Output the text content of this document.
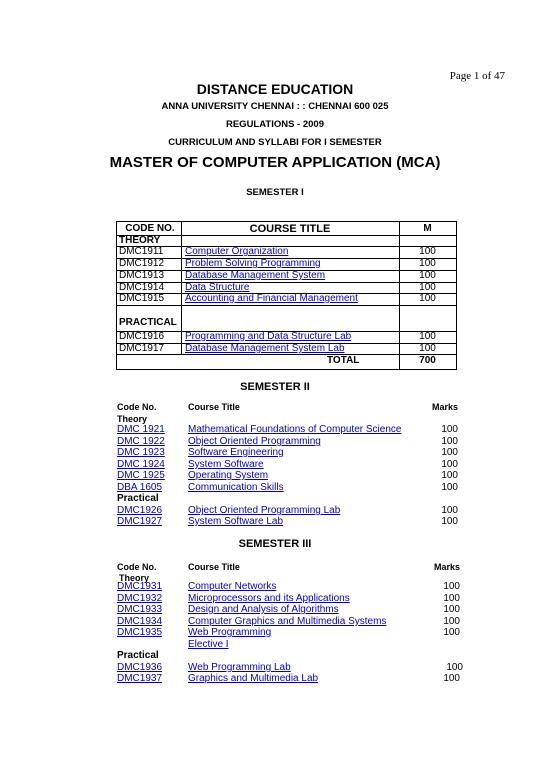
Page 1 of 47
DISTANCE EDUCATION
ANNA UNIVERSITY CHENNAI : : CHENNAI 600 025
REGULATIONS - 2009
CURRICULUM AND SYLLABI FOR I SEMESTER
MASTER OF COMPUTER APPLICATION (MCA)
SEMESTER I
CODE NO.	COURSE TITLE	M
THEORY
DMC1911 Computer Organization	100
DMC1912 Problem Solving Programming	100
DMC1913 Database Management System	100
DMC1914 Data Structure	100
DMC1915 Accounting and Financial Management	100
PRACTICAL
DMC1916 Programming and Data Structure Lab	100
DMC1917 Database Management System Lab	100
TOTAL	700
SEMESTER II
Code No.	Course Title	Marks
Theory
DMC 1921 Mathematical Foundations of Computer Science	100
DMC 1922 Object Oriented Programming	100
DMC 1923 Software Engineering	100
DMC 1924 System Software	100
DMC 1925 Operating System	100
DBA 1605	Communication Skills	100
Practical
DMC1926	Object Oriented Programming Lab	100
DMC1927	System Software Lab	100
SEMESTER III
Code No.	Course Title	Marks
Theory
DMC1931	Computer Networks	100
DMC1932	Microprocessors and its Applications	100
DMC1933	Design and Analysis of Algorithms	100
DMC1934	Computer Graphics and Multimedia Systems	100
DMC1935	Web Programming	100
Elective I
Practical
DMC1936	Web Programming Lab	100
DMC1937	Graphics and Multimedia Lab	100
